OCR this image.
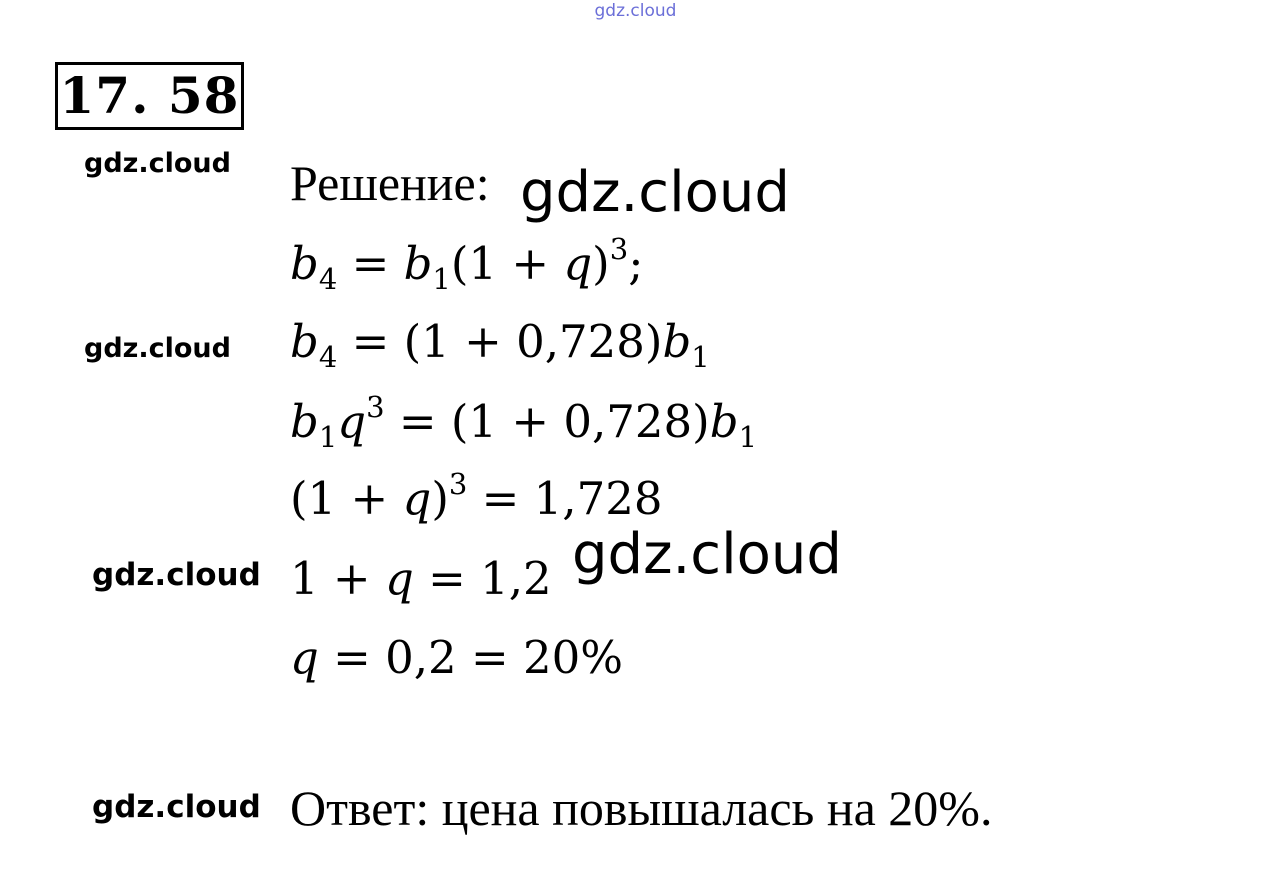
gdz.cloud
17. 58
gdz.cloud
gdz.cloud
gdz.cloud
gdz.cloud
Решение: gdz.cloud
$b_4 = b_1(1 + q)^3$;
$b_4 = (1 + 0,728)b_1$
$b_1q^3 = (1 + 0,728)b_1$
$(1 + q)^3 = 1,728$
1 + q = 1,2 gdz.cloud
q = 0,2 = 20%
Ответ: цена повышалась на 20%.
